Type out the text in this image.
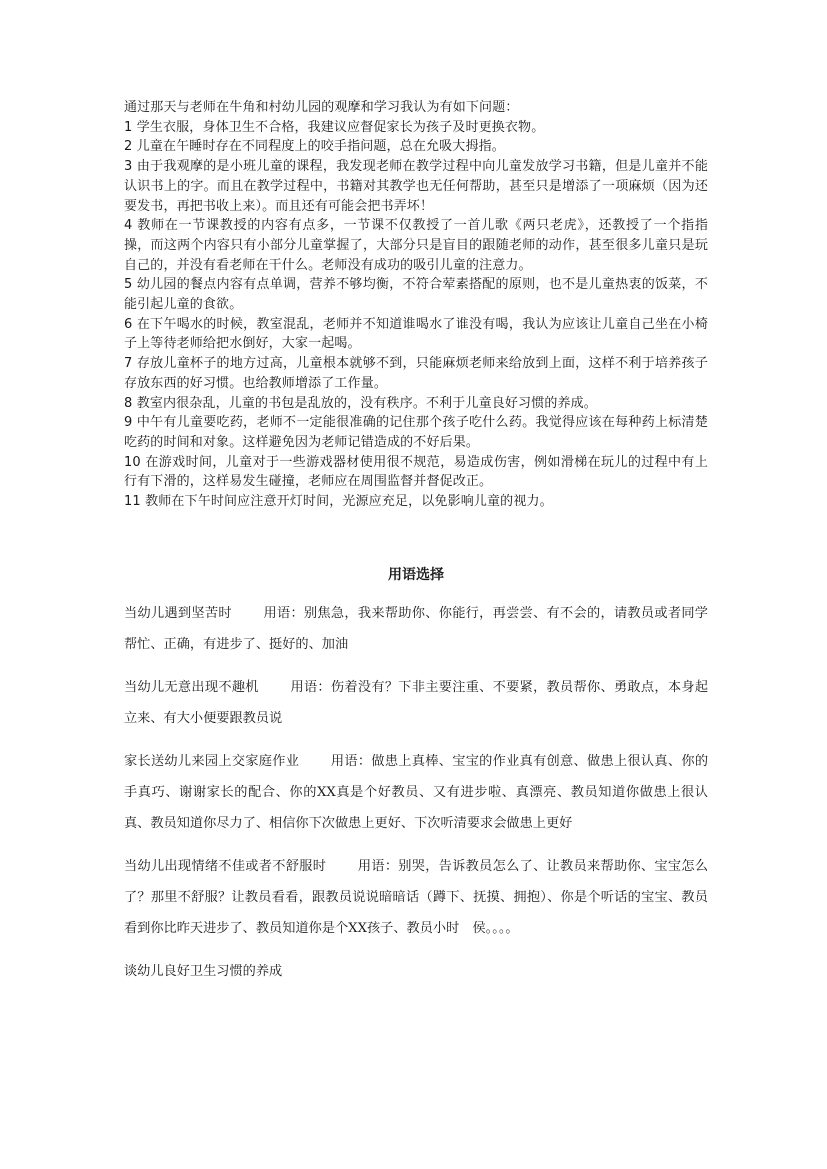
通过那天与老师在牛角和村幼儿园的观摩和学习我认为有如下问题：

1 学生衣服，身体卫生不合格，我建议应督促家长为孩子及时更换衣物。

2 儿童在午睡时存在不同程度上的咬手指问题，总在允吸大拇指。

3 由于我观摩的是小班儿童的课程，我发现老师在教学过程中向儿童发放学习书籍，但是儿童并不能认识书上的字。而且在教学过程中，书籍对其教学也无任何帮助，甚至只是增添了一项麻烦（因为还要发书，再把书收上来）。而且还有可能会把书弄坏！

4 教师在一节课教授的内容有点多，一节课不仅教授了一首儿歌《两只老虎》，还教授了一个指指操，而这两个内容只有小部分儿童掌握了，大部分只是盲目的跟随老师的动作，甚至很多儿童只是玩自己的，并没有看老师在干什么。老师没有成功的吸引儿童的注意力。

5 幼儿园的餐点内容有点单调，营养不够均衡，不符合荤素搭配的原则，也不是儿童热衷的饭菜，不能引起儿童的食欲。

6 在下午喝水的时候，教室混乱，老师并不知道谁喝水了谁没有喝，我认为应该让儿童自己坐在小椅子上等待老师给把水倒好，大家一起喝。

7 存放儿童杯子的地方过高，儿童根本就够不到，只能麻烦老师来给放到上面，这样不利于培养孩子存放东西的好习惯。也给教师增添了工作量。

8 教室内很杂乱，儿童的书包是乱放的，没有秩序。不利于儿童良好习惯的养成。

9 中午有儿童要吃药，老师不一定能很准确的记住那个孩子吃什么药。我觉得应该在每种药上标清楚吃药的时间和对象。这样避免因为老师记错造成的不好后果。

10 在游戏时间，儿童对于一些游戏器材使用很不规范，易造成伤害，例如滑梯在玩儿的过程中有上行有下滑的，这样易发生碰撞，老师应在周围监督并督促改正。

11 教师在下午时间应注意开灯时间，光源应充足，以免影响儿童的视力。

用语选择

当幼儿遇到坚苦时 用语：别焦急，我来帮助你、你能行，再尝尝、有不会的，请教员或者同学帮忙、正确，有进步了、挺好的、加油

当幼儿无意出现不趣机 用语：伤着没有？下非主要注重、不要紧，教员帮你、勇敢点，本身起立来、有大小便要跟教员说

家长送幼儿来园上交家庭作业 用语：做患上真棒、宝宝的作业真有创意、做患上很认真、你的手真巧、谢谢家长的配合、你的XX真是个好教员、又有进步啦、真漂亮、教员知道你做患上很认真、教员知道你尽力了、相信你下次做患上更好、下次听清要求会做患上更好

当幼儿出现情绪不佳或者不舒服时 用语：别哭，告诉教员怎么了、让教员来帮助你、宝宝怎么了？那里不舒服？让教员看看，跟教员说说暗暗话（蹲下、抚摸、拥抱）、你是个听话的宝宝、教员看到你比昨天进步了、教员知道你是个XX孩子、教员小时　侯。。。。

谈幼儿良好卫生习惯的养成
